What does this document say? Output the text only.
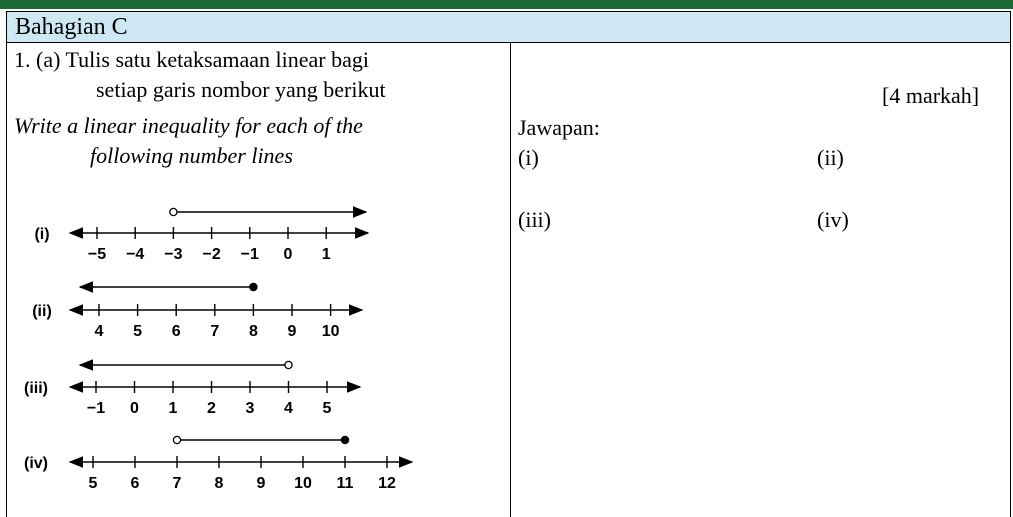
Bahagian C
1. (a) Tulis satu ketaksamaan linear bagi
setiap garis nombor yang berikut
Write a linear inequality for each of the
following number lines
[4 markah]
Jawapan:
(i)	(ii)
(iii)	(iv)
(i)
−5 −4 −3 −2 −1 0 1
(ii)
4 5 6 7 8 9 10
(iii)
−1 0 1 2 3 4 5
(iv)
5 6 7 8 9 10 11 12
